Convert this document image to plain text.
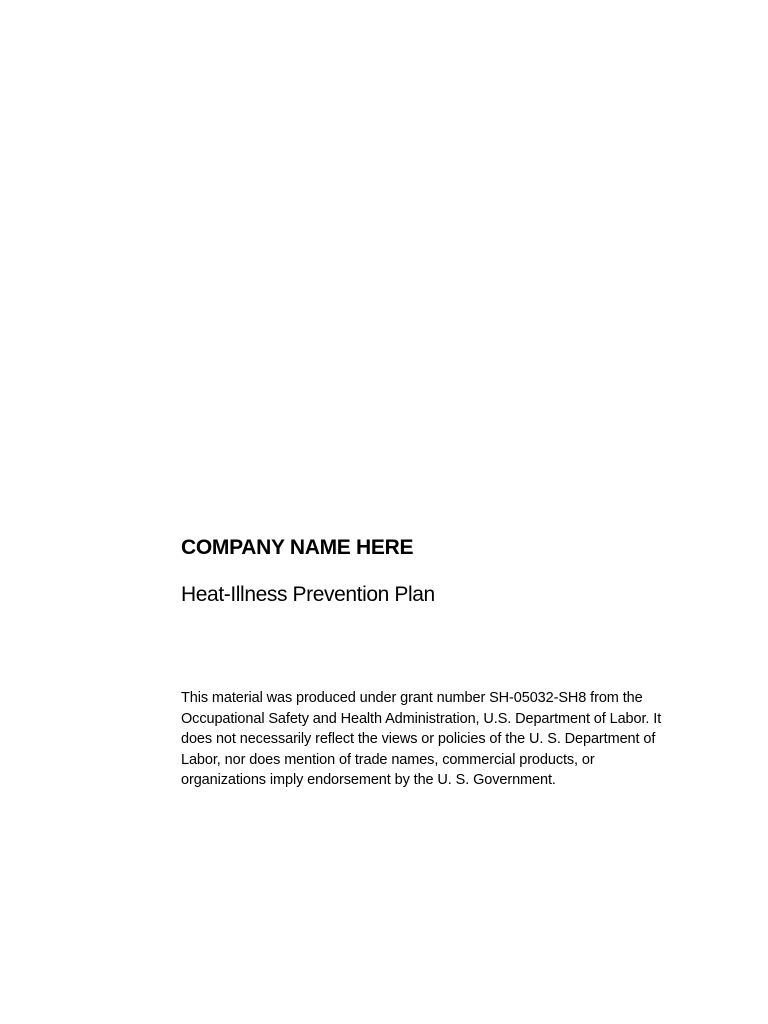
COMPANY NAME HERE
Heat-Illness Prevention Plan

This material was produced under grant number SH-05032-SH8 from the Occupational Safety and Health Administration, U.S. Department of Labor. It does not necessarily reflect the views or policies of the U. S. Department of Labor, nor does mention of trade names, commercial products, or organizations imply endorsement by the U. S. Government.
